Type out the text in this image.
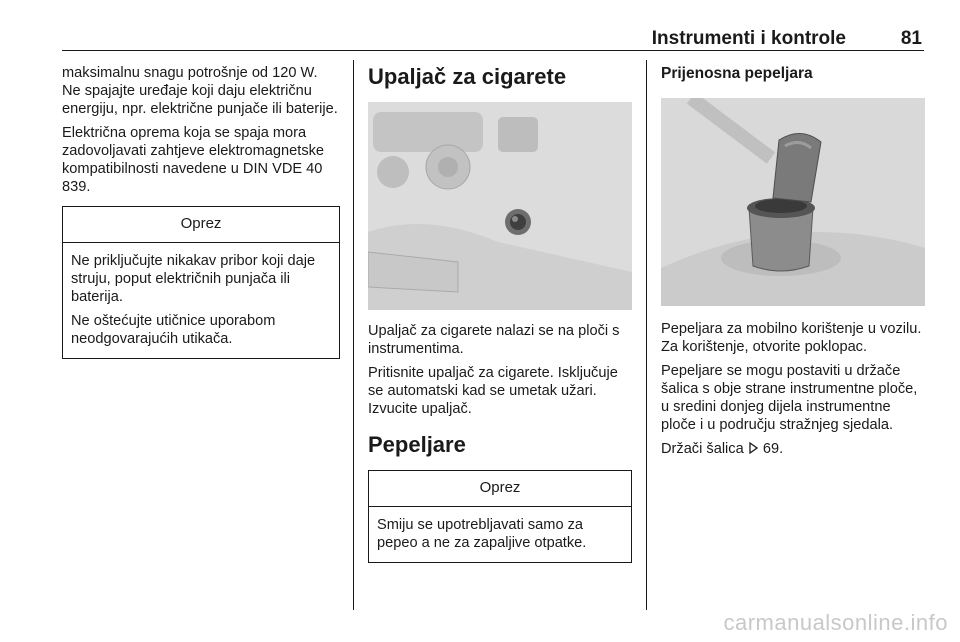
Instrumenti i kontrole	81

maksimalnu snagu potrošnje od 120 W. Ne spajajte uređaje koji daju električnu energiju, npr. električne punjače ili baterije.

Električna oprema koja se spaja mora zadovoljavati zahtjeve elektromagnetske kompatibilnosti navedene u DIN VDE 40 839.

Oprez

Ne priključujte nikakav pribor koji daje struju, poput električnih punjača ili baterija.

Ne oštećujte utičnice uporabom neodgovarajućih utikača.

Upaljač za cigarete

Upaljač za cigarete nalazi se na ploči s instrumentima.

Pritisnite upaljač za cigarete. Isključuje se automatski kad se umetak užari. Izvucite upaljač.

Pepeljare
Oprez

Smiju se upotrebljavati samo za pepeo a ne za zapaljive otpatke.

Prijenosna pepeljara

Pepeljara za mobilno korištenje u vozilu. Za korištenje, otvorite poklopac.

Pepeljare se mogu postaviti u držače šalica s obje strane instrumentne ploče, u sredini donjeg dijela instrumentne ploče i u području stražnjeg sjedala.

Držači šalica 69.

carmanualsonline.info
